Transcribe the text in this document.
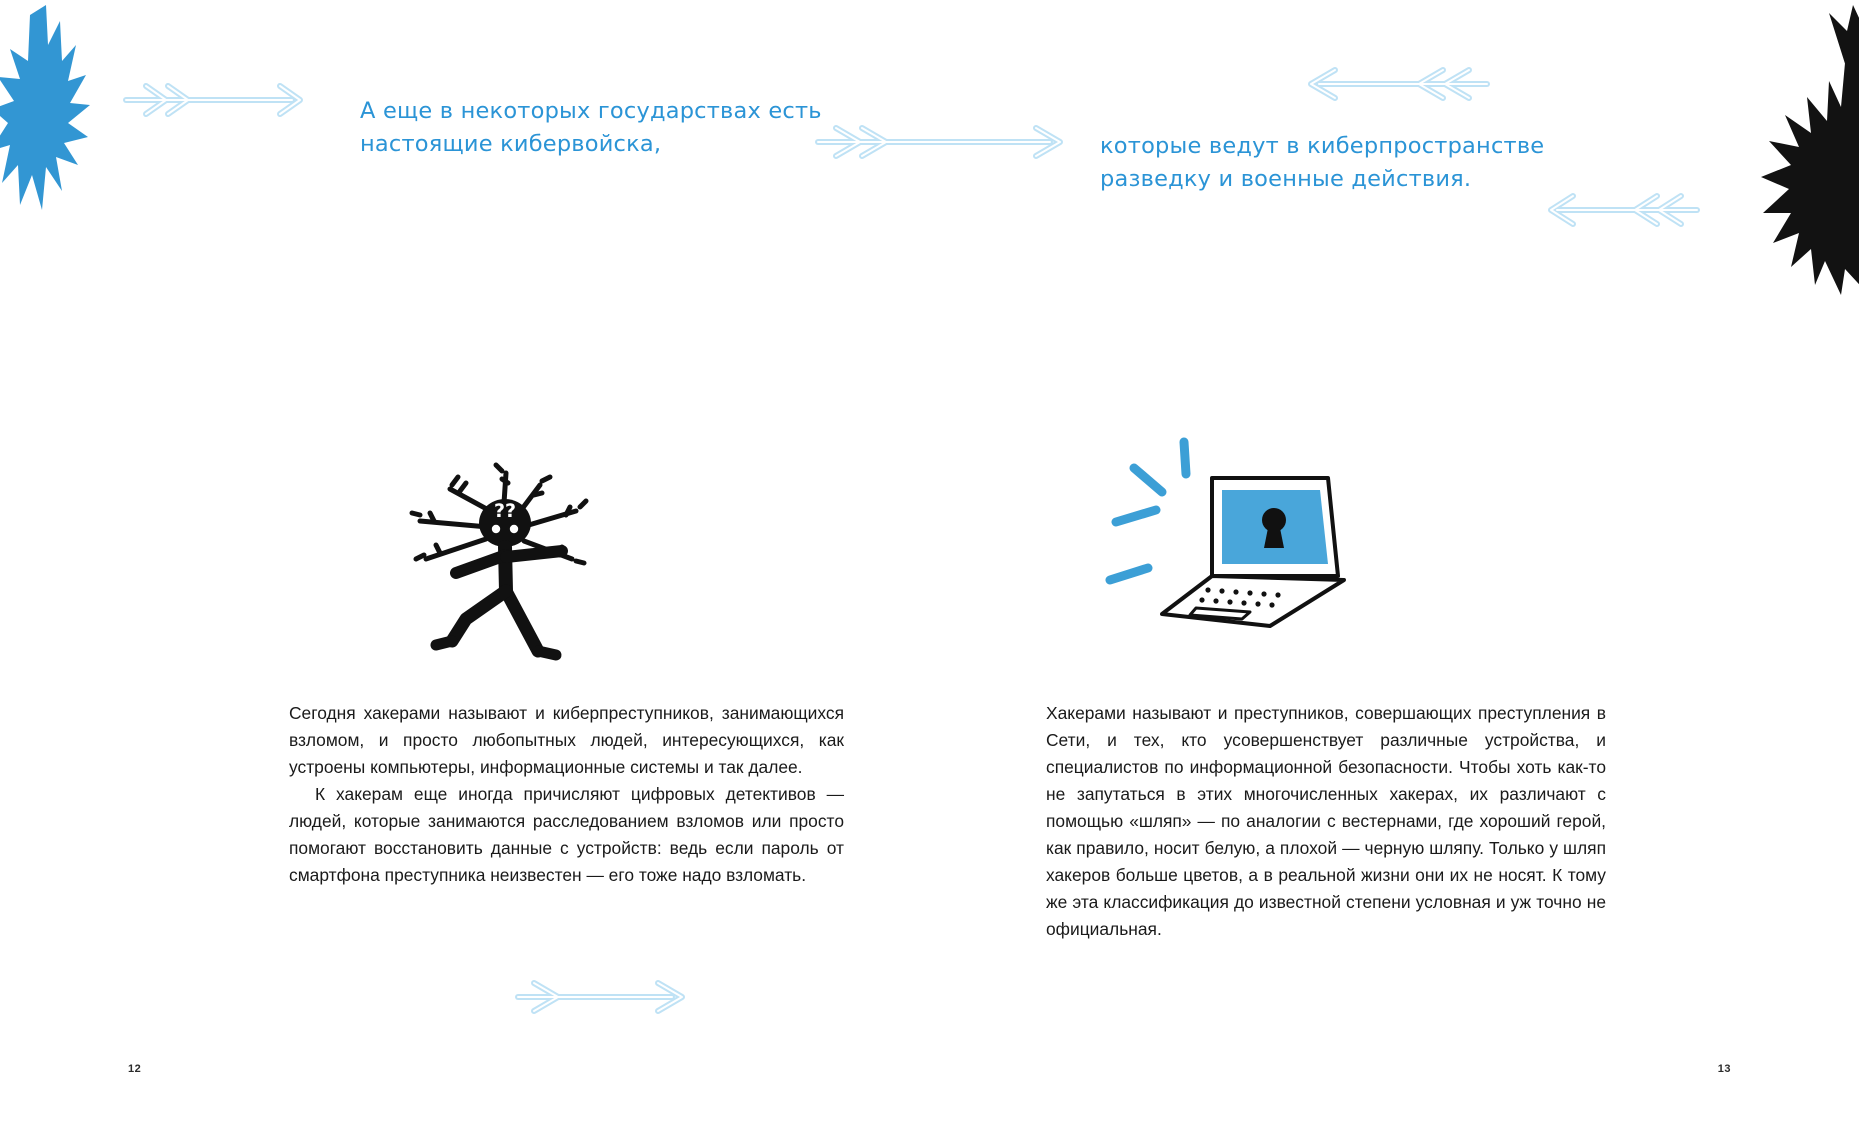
А еще в некоторых государствах есть настоящие кибервойска,	которые ведут в киберпространстве разведку и военные действия.
??

Сегодня хакерами называют и киберпреступников, занимающихся взломом, и просто любопытных людей, интересующихся, как устроены компьютеры, информационные системы и так далее.

К хакерам еще иногда причисляют цифровых детективов — людей, которые занимаются расследованием взломов или просто помогают восстановить данные с устройств: ведь если пароль от смартфона преступника неизвестен — его тоже надо взломать.

Хакерами называют и преступников, совершающих преступления в Сети, и тех, кто усовершенствует различные устройства, и специалистов по информационной безопасности. Чтобы хоть как-то не запутаться в этих многочисленных хакерах, их различают с помощью «шляп» — по аналогии с вестернами, где хороший герой, как правило, носит белую, а плохой — черную шляпу. Только у шляп хакеров больше цветов, а в реальной жизни они их не носят. К тому же эта классификация до известной степени условная и уж точно не официальная.

12	13
